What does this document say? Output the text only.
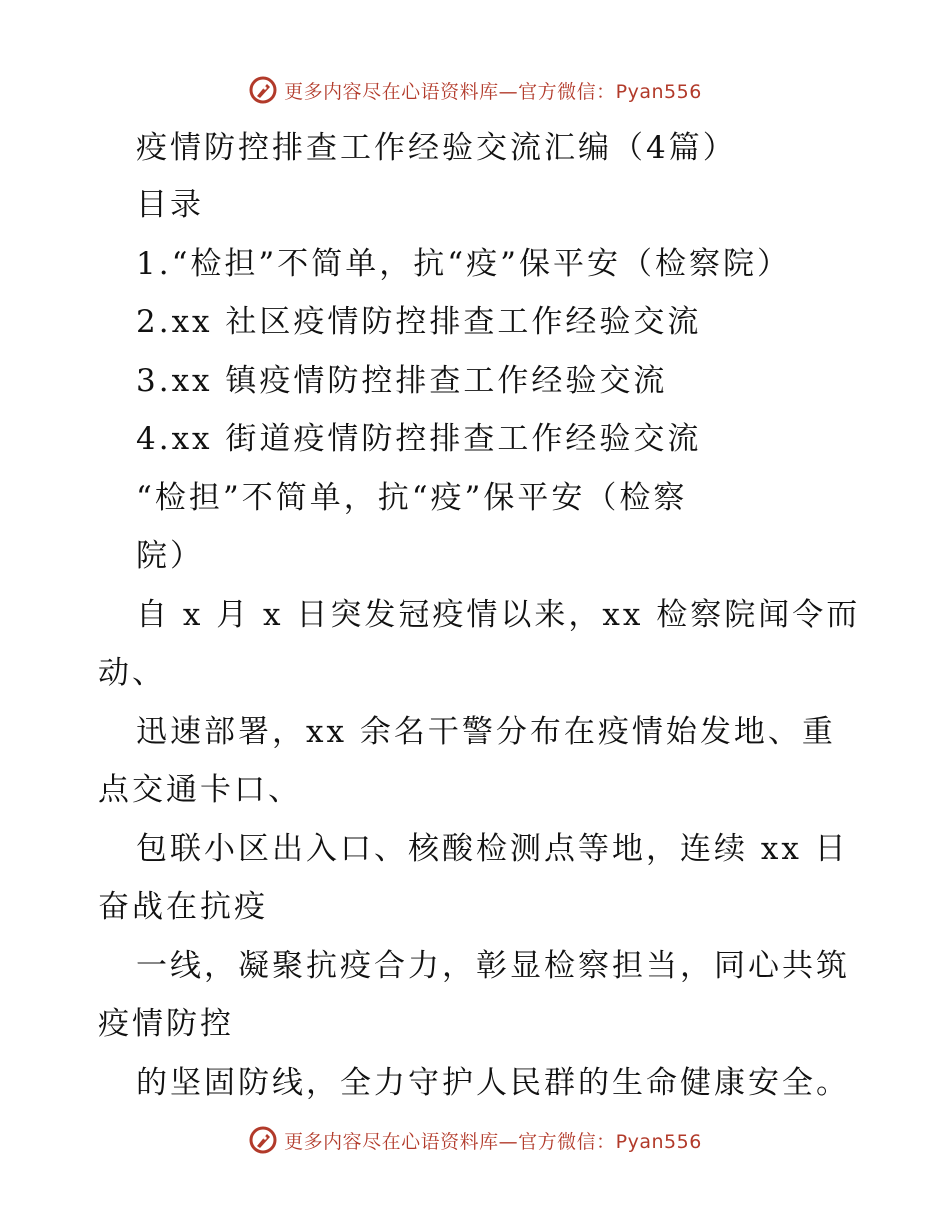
更多内容尽在心语资料库—官方微信：Pyan556
疫情防控排查工作经验交流汇编（4篇）
目录
1.“检担”不简单，抗“疫”保平安（检察院）
2.xx 社区疫情防控排查工作经验交流
3.xx 镇疫情防控排查工作经验交流
4.xx 街道疫情防控排查工作经验交流
“检担”不简单，抗“疫”保平安（检察
院）
自 x 月 x 日突发冠疫情以来，xx 检察院闻令而
动、
迅速部署，xx 余名干警分布在疫情始发地、重
点交通卡口、
包联小区出入口、核酸检测点等地，连续 xx 日
奋战在抗疫
一线，凝聚抗疫合力，彰显检察担当，同心共筑
疫情防控
的坚固防线，全力守护人民群的生命健康安全。
更多内容尽在心语资料库—官方微信：Pyan556
